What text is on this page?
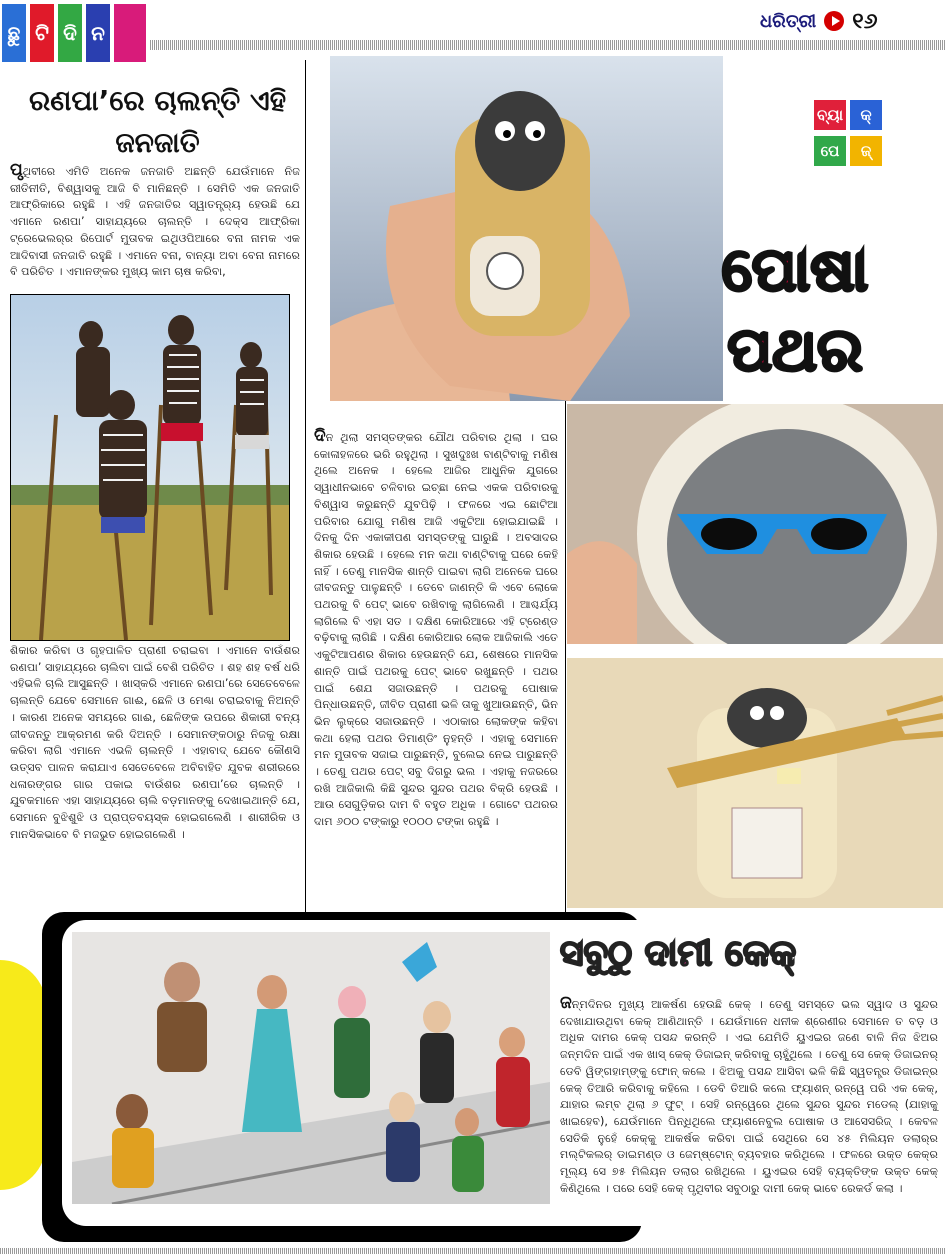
ଛୁ ଟି ଦି ନ	ଧରିତ୍ରୀ ୧୬
ରଣପା’ରେ ଚାଲନ୍ତି ଏହି ଜନଜାତି

ପୃଥିବୀରେ ଏମିତି ଅନେକ ଜନଜାତି ଅଛନ୍ତି ଯେଉଁମାନେ ନିଜ ରୀତିନୀତି, ବିଶ୍ୱାସକୁ ଆଜି ବି ମାନିଛନ୍ତି । ସେମିତି ଏକ ଜନଜାତି ଆଫ୍ରିକାରେ ରହୁଛି । ଏହି ଜନଜାତିର ସ୍ୱାତନ୍ତ୍ର୍ୟ ହେଉଛି ଯେ ଏମାନେ ରଣପା’ ସାହାଯ୍ୟରେ ଚାଲନ୍ତି । ଦେକ୍ସ ଆଫ୍ରିକା ଟ୍ରେଭେଲର୍‌ର ରିପୋର୍ଟ ମୁତାବକ ଇଥିଓପିଆରେ ବନା ନାମକ ଏକ ଆଦିବାସୀ ଜନଜାତି ରହୁଛି । ଏମାନେ ବନା, ବାନ୍ୟା ଅବା ବେନା ନାମରେ ବି ପରିଚିତ । ଏମାନଙ୍କର ମୁଖ୍ୟ କାମ ଚାଷ କରିବା,

ଶିକାର କରିବା ଓ ଗୃହପାଳିତ ପ୍ରାଣୀ ଚରାଇବା । ଏମାନେ ବାଉଁଶର ରଣପା’ ସାହାଯ୍ୟରେ ଚାଲିବା ପାଇଁ ବେଶି ପରିଚିତ । ଶହ ଶହ ବର୍ଷ ଧରି ଏହିଭଳି ଚାଲି ଆସୁଛନ୍ତି । ଖାସ୍‌କରି ଏମାନେ ରଣପା’ରେ ସେତେବେଳେ ଚାଲନ୍ତି ଯେବେ ସେମାନେ ଗାଈ, ଛେଳି ଓ ମେଣ୍ଢା ଚରାଇବାକୁ ନିଅନ୍ତି । କାରଣ ଅନେକ ସମୟରେ ଗାଈ, ଛେଳିଙ୍କ ଉପରେ ଶିକାରୀ ବନ୍ୟ ଜୀବଜନ୍ତୁ ଆକ୍ରମଣ କରି ଦିଅନ୍ତି । ସେମାନଙ୍କଠାରୁ ନିଜକୁ ରକ୍ଷା କରିବା ଲାଗି ଏମାନେ ଏଭଳି ଚାଲନ୍ତି । ଏହାବାଦ୍ ଯେବେ କୌଣସି ଉତ୍ସବ ପାଳନ କରାଯାଏ ସେତେବେଳେ ଅବିବାହିତ ଯୁବକ ଶରୀରରେ ଧଳାରଙ୍ଗର ଗାର ପକାଇ ବାଉଁଶର ରଣପା’ରେ ଚାଲନ୍ତି । ଯୁବକମାନେ ଏହା ସାହାଯ୍ୟରେ ଚାଲି ବଡ଼ମାନଙ୍କୁ ଦେଖାଇଥାନ୍ତି ଯେ, ସେମାନେ ବୁଝିଶୁଝି ଓ ପ୍ରାପ୍ତବୟସ୍କ ହୋଇଗଲେଣି । ଶାରୀରିକ ଓ ମାନସିକଭାବେ ବି ମଜଭୁତ ହୋଇଗଲେଣି ।

ବ୍ୟା	କ୍
ପେ	ଜ୍
ପୋଷା ପଥର

ଦିନ ଥିଲା ସମସ୍ତଙ୍କର ଯୌଥ ପରିବାର ଥିଲା । ଘର କୋଳାହଳରେ ଭରି ରହୁଥିଲା । ସୁଖଦୁଃଖ ବାଣ୍ଟିବାକୁ ମଣିଷ ଥିଲେ ଅନେକ । ହେଲେ ଆଜିର ଆଧୁନିକ ଯୁଗରେ ସ୍ୱାଧୀନଭାବେ ଚଳିବାର ଇଚ୍ଛା ନେଇ ଏକକ ପରିବାରକୁ ବିଶ୍ୱାସ କରୁଛନ୍ତି ଯୁବପିଢ଼ି । ଫଳରେ ଏଇ ଛୋଟିଆ ପରିବାର ଯୋଗୁ ମଣିଷ ଆଜି ଏକୁଟିଆ ହୋଇଯାଇଛି । ଦିନକୁ ଦିନ ଏକାକୀପଣ ସମସ୍ତଙ୍କୁ ଘାରୁଛି । ଅବସାଦର ଶିକାର ହେଉଛି । ହେଲେ ମନ କଥା ବାଣ୍ଟିବାକୁ ଘରେ କେହି ନାହିଁ । ତେଣୁ ମାନସିକ ଶାନ୍ତି ପାଇବା ଲାଗି ଅନେକେ ଘରେ ଜୀବଜନ୍ତୁ ପାଳୁଛନ୍ତି । ତେବେ ଜାଣନ୍ତି କି ଏବେ ଲୋକେ ପଥରକୁ ବି ପେଟ୍ ଭାବେ ରଖିବାକୁ ଲାଗିଲେଣି । ଆଶ୍ଚର୍ଯ୍ୟ ଲାଗିଲେ ବି ଏହା ସତ । ଦକ୍ଷିଣ କୋରିଆରେ ଏହି ଟ୍ରେଣ୍ଡ ବଢ଼ିବାକୁ ଲାଗିଛି । ଦକ୍ଷିଣ କୋରିଆର ଲୋକ ଆଜିକାଲି ଏତେ ଏକୁଟିଆପଣର ଶିକାର ହେଉଛନ୍ତି ଯେ, ଶେଷରେ ମାନସିକ ଶାନ୍ତି ପାଇଁ ପଥରକୁ ପେଟ୍ ଭାବେ ରଖୁଛନ୍ତି । ପଥର ପାଇଁ ଶେଯ ସଜାଉଛନ୍ତି । ପଥରକୁ ପୋଷାକ ପିନ୍ଧାଉଛନ୍ତି, ଜୀବିତ ପ୍ରାଣୀ ଭଳି ତାକୁ ଖୁଆଉଛନ୍ତି, ଭିନ ଭିନ ଲୁକ୍‌ରେ ସଜାଉଛନ୍ତି । ଏଠାକାର ଲୋକଙ୍କ କହିବା କଥା ହେଲା ପଥର ଡିମାଣ୍ଡିଂ ନୁହନ୍ତି । ଏହାକୁ ସେମାନେ ମନ ମୁତାବକ ସଜାଇ ପାରୁଛନ୍ତି, ବୁଲେଇ ନେଇ ପାରୁଛନ୍ତି । ତେଣୁ ପଥର ପେଟ୍ ସବୁ ଦିଗରୁ ଭଲ । ଏହାକୁ ନଜରରେ ରଖି ଆଜିକାଲି କିଛି ସୁନ୍ଦର ସୁନ୍ଦର ପଥର ବିକ୍ରି ହେଉଛି । ଆଉ ସେଗୁଡ଼ିକର ଦାମ ବି ବହୁତ ଅଧିକ । ଗୋଟେ ପଥରର ଦାମ ୬୦୦ ଟଙ୍କାରୁ ୧୦୦୦ ଟଙ୍କା ରହୁଛି ।

ସବୁଠୁ ଦାମୀ କେକ୍‌

ଜନ୍ମଦିନର ମୁଖ୍ୟ ଆକର୍ଷଣ ହେଉଛି କେକ୍ । ତେଣୁ ସମସ୍ତେ ଭଲ ସ୍ୱାଦ ଓ ସୁନ୍ଦର ଦେଖାଯାଉଥିବା କେକ୍ ଆଣିଥାନ୍ତି । ଯେଉଁମାନେ ଧନୀକ ଶ୍ରେଣୀର ସେମାନେ ତ ବଡ଼ ଓ ଅଧିକ ଦାମର କେକ୍ ପସନ୍ଦ କରନ୍ତି । ଏଇ ଯେମିତି ୟୁଏଇର ଜଣେ ବାଳି ନିଜ ଝିଅର ଜନ୍ମଦିନ ପାଇଁ ଏକ ଖାସ୍ କେକ୍ ଡିଜାଇନ୍ କରିବାକୁ ଚାହୁଁଥିଲେ । ତେଣୁ ସେ କେକ୍ ଡିଜାଇନର୍ ଡେବି ୱିଙ୍ଗହାମ୍‌ଙ୍କୁ ଫୋନ୍ କଲେ । ଝିଅକୁ ପସନ୍ଦ ଆସିବା ଭଳି କିଛି ସ୍ୱତନ୍ତ୍ର ଡିଜାଇନ୍‌ର କେକ୍ ତିଆରି କରିବାକୁ କହିଲେ । ଡେବି ତିଆରି କଲେ ଫ୍ୟାଶନ୍ ରନ୍‌ୱେ ପରି ଏକ କେକ୍, ଯାହାର ଲମ୍ବ ଥିଲା ୬ ଫୁଟ୍ । ସେହି ରନ୍‌ୱେରେ ଥିଲେ ସୁନ୍ଦର ସୁନ୍ଦର ମଡେଲ୍ (ଯାହାକୁ ଖାଇହେବ), ଯେଉଁମାନେ ପିନ୍ଧିଥିଲେ ଫ୍ୟାଶନେବୁଲ ପୋଷାକ ଓ ଆସେସରିଜ୍ । କେବଳ ସେତିକି ନୁହେଁ କେକ୍‌କୁ ଆକର୍ଷକ କରିବା ପାଇଁ ସେଥିରେ ସେ ୪୫ ମିଲିୟନ ଡଲାର୍‌ର ମଲ୍ଟିକଲର୍ ଡାଇମଣ୍ଡ ଓ ଜେମ୍‌ଷ୍ଟୋନ୍ ବ୍ୟବହାର କରିଥିଲେ । ଫଳରେ ଉକ୍ତ କେକ୍‌ର ମୂଲ୍ୟ ସେ ୭୫ ମିଲିୟନ ଡଲାର ରଖିଥିଲେ । ୟୁଏଇର ସେହି ବ୍ୟକ୍ତିଙ୍କ ଉକ୍ତ କେକ୍ କିଣିଥିଲେ । ପରେ ସେହି କେକ୍ ପୃଥିବୀର ସବୁଠାରୁ ଦାମୀ କେକ୍ ଭାବେ ରେକର୍ଡ କଲା ।
